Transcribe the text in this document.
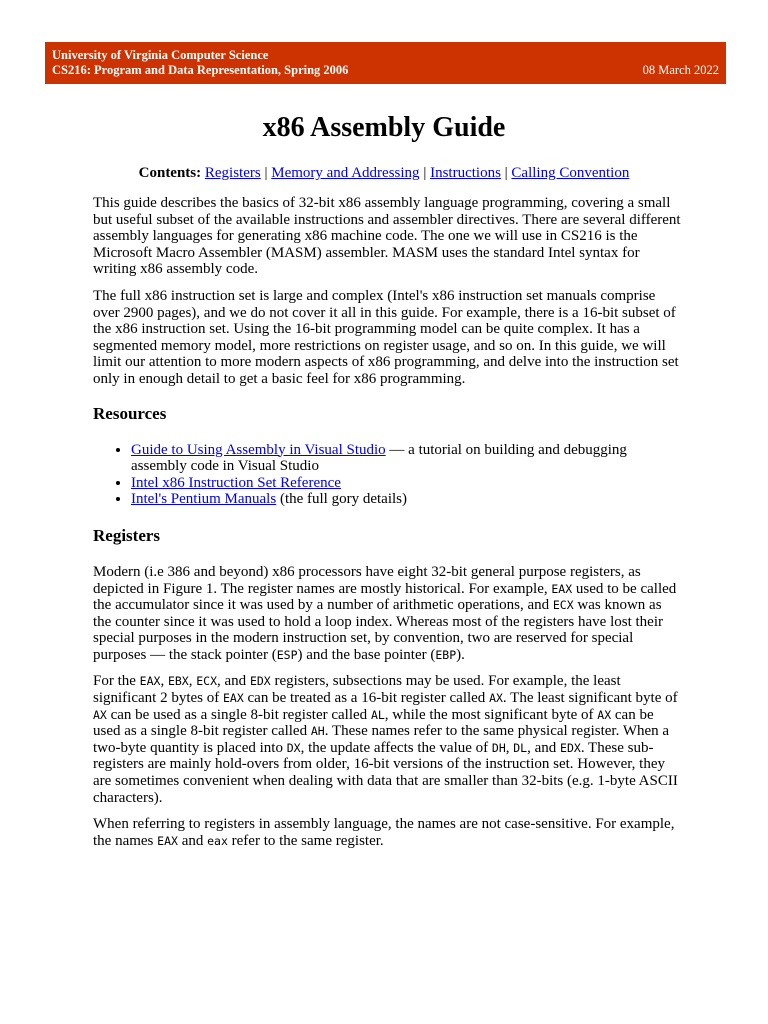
University of Virginia Computer Science
CS216: Program and Data Representation, Spring 2006	08 March 2022
x86 Assembly Guide
Contents: Registers | Memory and Addressing | Instructions | Calling Convention

This guide describes the basics of 32-bit x86 assembly language programming, covering a small but useful subset of the available instructions and assembler directives. There are several different assembly languages for generating x86 machine code. The one we will use in CS216 is the Microsoft Macro Assembler (MASM) assembler. MASM uses the standard Intel syntax for writing x86 assembly code.

The full x86 instruction set is large and complex (Intel's x86 instruction set manuals comprise over 2900 pages), and we do not cover it all in this guide. For example, there is a 16-bit subset of the x86 instruction set. Using the 16-bit programming model can be quite complex. It has a segmented memory model, more restrictions on register usage, and so on. In this guide, we will limit our attention to more modern aspects of x86 programming, and delve into the instruction set only in enough detail to get a basic feel for x86 programming.

Resources
• Guide to Using Assembly in Visual Studio — a tutorial on building and debugging assembly code in Visual Studio
• Intel x86 Instruction Set Reference
• Intel's Pentium Manuals (the full gory details)
Registers

Modern (i.e 386 and beyond) x86 processors have eight 32-bit general purpose registers, as depicted in Figure 1. The register names are mostly historical. For example, EAX used to be called the accumulator since it was used by a number of arithmetic operations, and ECX was known as the counter since it was used to hold a loop index. Whereas most of the registers have lost their special purposes in the modern instruction set, by convention, two are reserved for special purposes — the stack pointer (ESP) and the base pointer (EBP).

For the EAX, EBX, ECX, and EDX registers, subsections may be used. For example, the least significant 2 bytes of EAX can be treated as a 16-bit register called AX. The least significant byte of AX can be used as a single 8-bit register called AL, while the most significant byte of AX can be used as a single 8-bit register called AH. These names refer to the same physical register. When a two-byte quantity is placed into DX, the update affects the value of DH, DL, and EDX. These sub-registers are mainly hold-overs from older, 16-bit versions of the instruction set. However, they are sometimes convenient when dealing with data that are smaller than 32-bits (e.g. 1-byte ASCII characters).

When referring to registers in assembly language, the names are not case-sensitive. For example, the names EAX and eax refer to the same register.
